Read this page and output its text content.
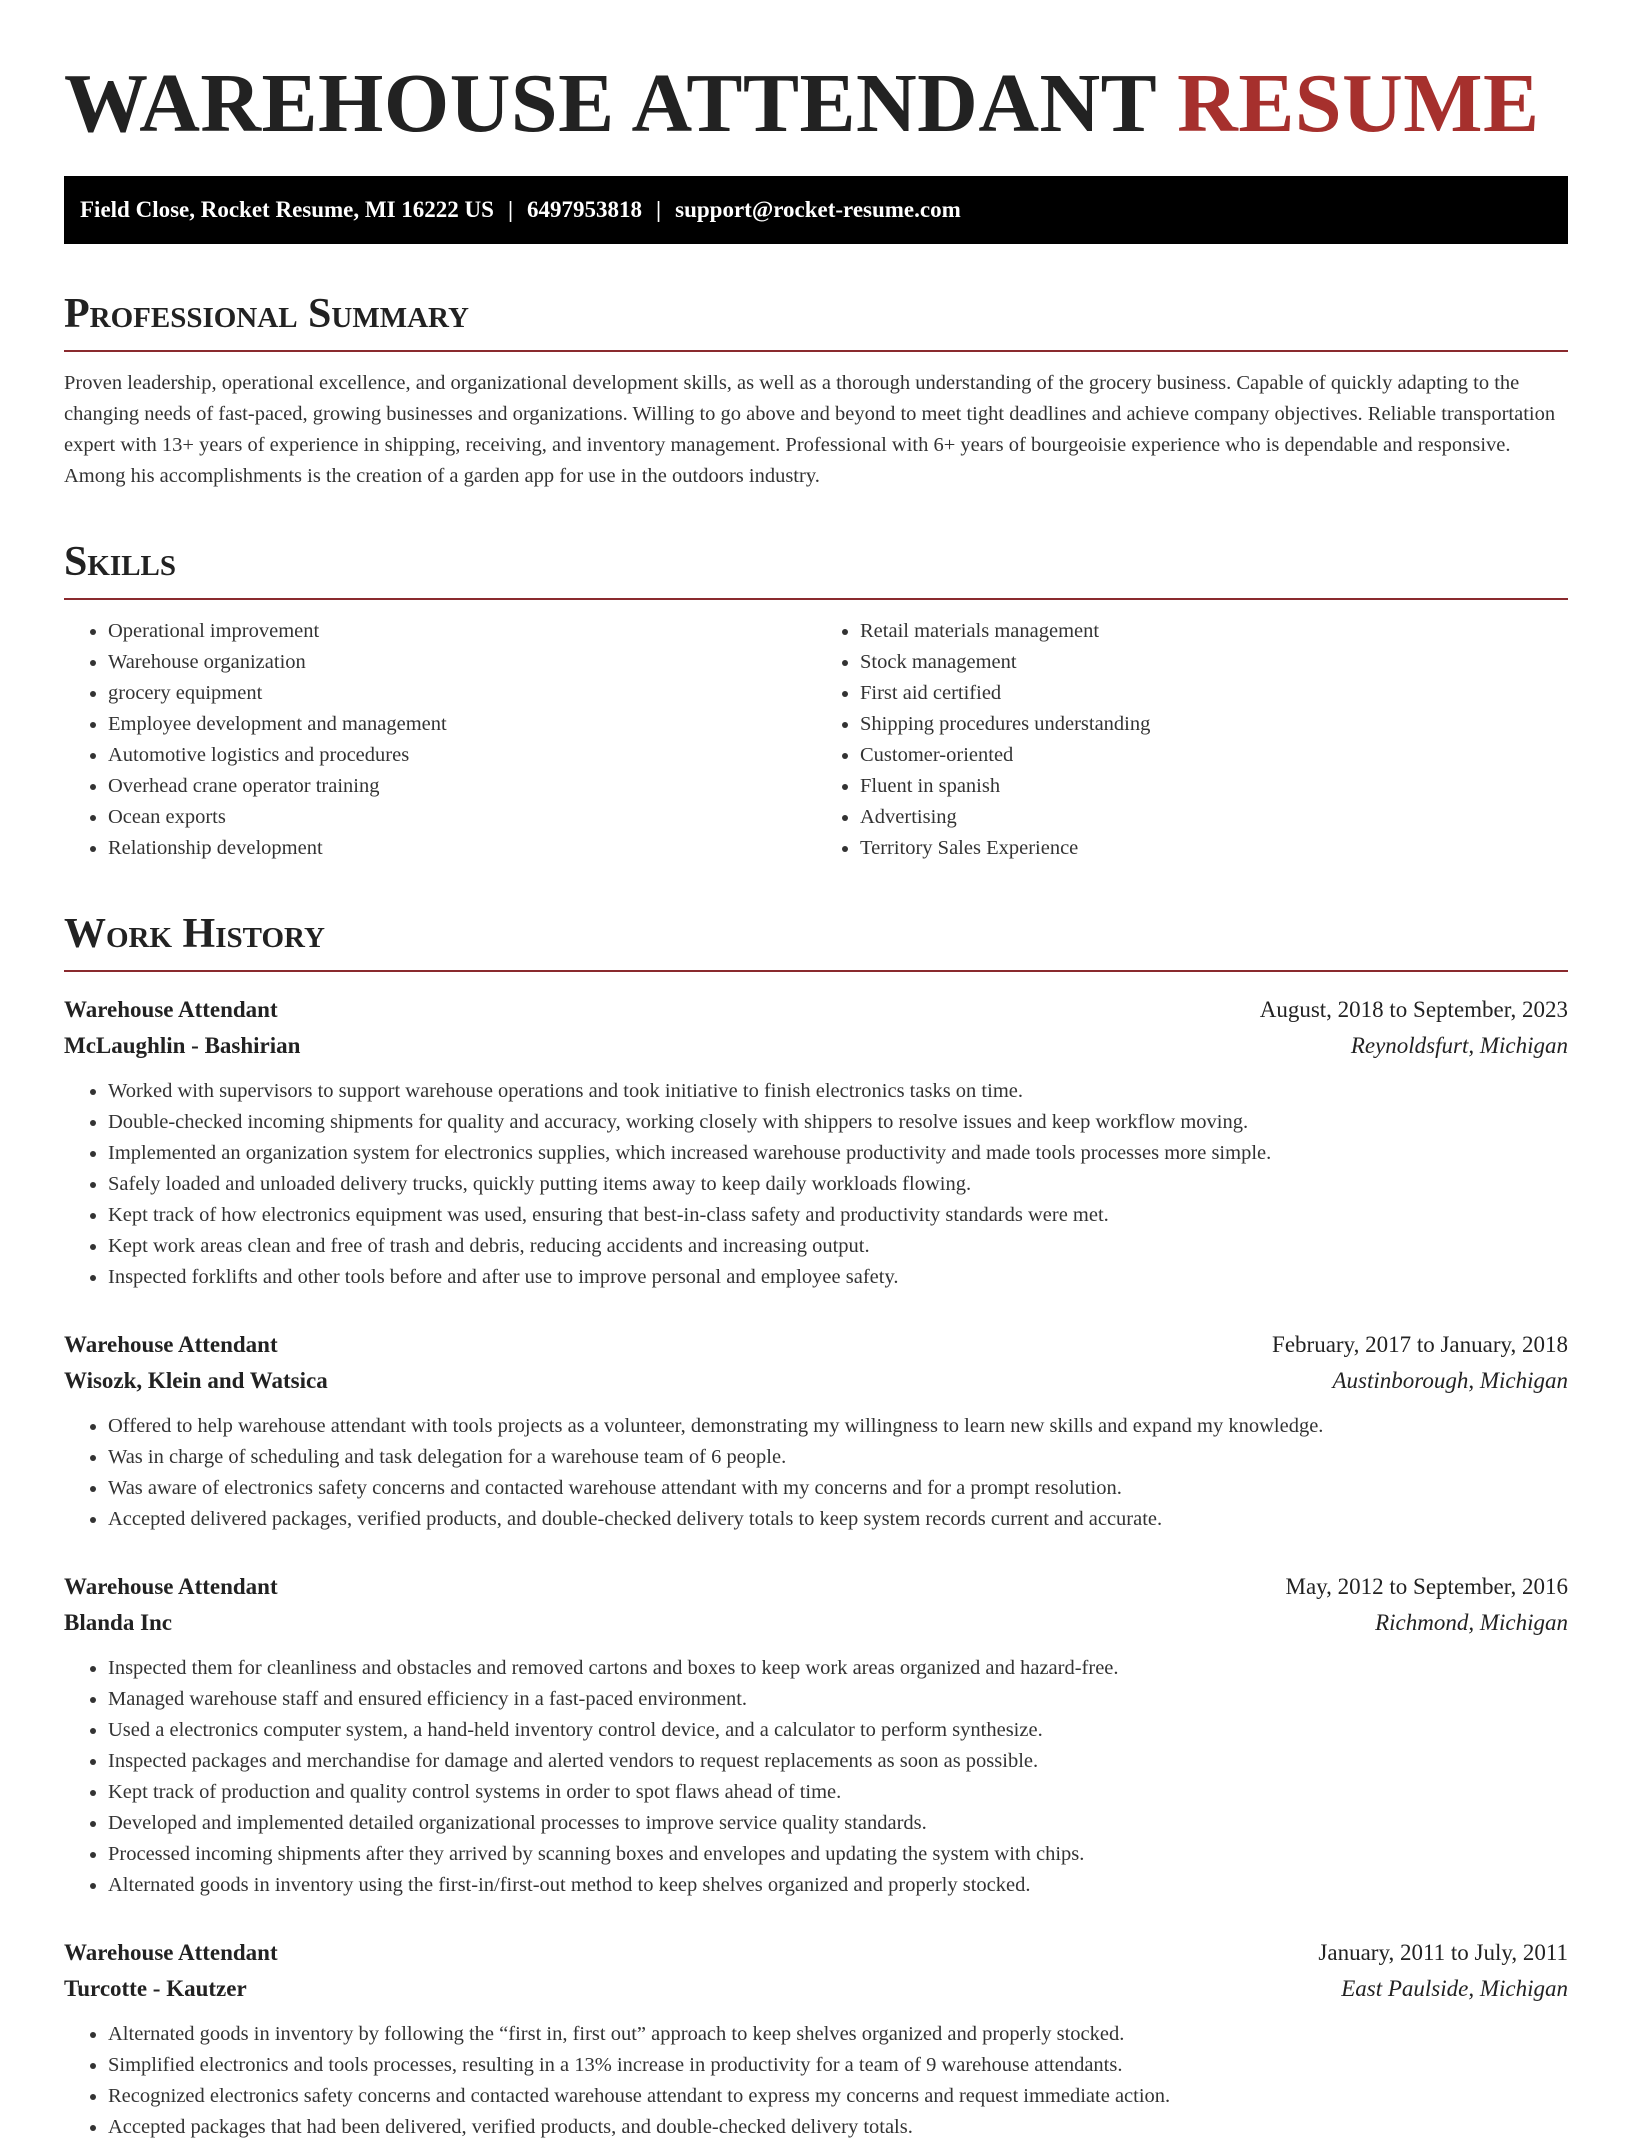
WAREHOUSE ATTENDANT RESUME
Field Close, Rocket Resume, MI 16222 US | 6497953818 | support@rocket-resume.com
Professional Summary

Proven leadership, operational excellence, and organizational development skills, as well as a thorough understanding of the grocery business. Capable of quickly adapting to the changing needs of fast-paced, growing businesses and organizations. Willing to go above and beyond to meet tight deadlines and achieve company objectives. Reliable transportation expert with 13+ years of experience in shipping, receiving, and inventory management. Professional with 6+ years of bourgeoisie experience who is dependable and responsive. Among his accomplishments is the creation of a garden app for use in the outdoors industry.

Skills
• Operational improvement
• Warehouse organization
• grocery equipment
• Employee development and management
• Automotive logistics and procedures
• Overhead crane operator training
• Ocean exports
• Relationship development
• Retail materials management
• Stock management
• First aid certified
• Shipping procedures understanding
• Customer-oriented
• Fluent in spanish
• Advertising
• Territory Sales Experience
Work History
Warehouse Attendant	August, 2018 to September, 2023
McLaughlin - Bashirian	Reynoldsfurt, Michigan
• Worked with supervisors to support warehouse operations and took initiative to finish electronics tasks on time.
• Double-checked incoming shipments for quality and accuracy, working closely with shippers to resolve issues and keep workflow moving.
• Implemented an organization system for electronics supplies, which increased warehouse productivity and made tools processes more simple.
• Safely loaded and unloaded delivery trucks, quickly putting items away to keep daily workloads flowing.
• Kept track of how electronics equipment was used, ensuring that best-in-class safety and productivity standards were met.
• Kept work areas clean and free of trash and debris, reducing accidents and increasing output.
• Inspected forklifts and other tools before and after use to improve personal and employee safety.
Warehouse Attendant	February, 2017 to January, 2018
Wisozk, Klein and Watsica	Austinborough, Michigan
• Offered to help warehouse attendant with tools projects as a volunteer, demonstrating my willingness to learn new skills and expand my knowledge.
• Was in charge of scheduling and task delegation for a warehouse team of 6 people.
• Was aware of electronics safety concerns and contacted warehouse attendant with my concerns and for a prompt resolution.
• Accepted delivered packages, verified products, and double-checked delivery totals to keep system records current and accurate.
Warehouse Attendant	May, 2012 to September, 2016
Blanda Inc	Richmond, Michigan
• Inspected them for cleanliness and obstacles and removed cartons and boxes to keep work areas organized and hazard-free.
• Managed warehouse staff and ensured efficiency in a fast-paced environment.
• Used a electronics computer system, a hand-held inventory control device, and a calculator to perform synthesize.
• Inspected packages and merchandise for damage and alerted vendors to request replacements as soon as possible.
• Kept track of production and quality control systems in order to spot flaws ahead of time.
• Developed and implemented detailed organizational processes to improve service quality standards.
• Processed incoming shipments after they arrived by scanning boxes and envelopes and updating the system with chips.
• Alternated goods in inventory using the first-in/first-out method to keep shelves organized and properly stocked.
Warehouse Attendant	January, 2011 to July, 2011
Turcotte - Kautzer	East Paulside, Michigan
• Alternated goods in inventory by following the “first in, first out” approach to keep shelves organized and properly stocked.
• Simplified electronics and tools processes, resulting in a 13% increase in productivity for a team of 9 warehouse attendants.
• Recognized electronics safety concerns and contacted warehouse attendant to express my concerns and request immediate action.
• Accepted packages that had been delivered, verified products, and double-checked delivery totals.
